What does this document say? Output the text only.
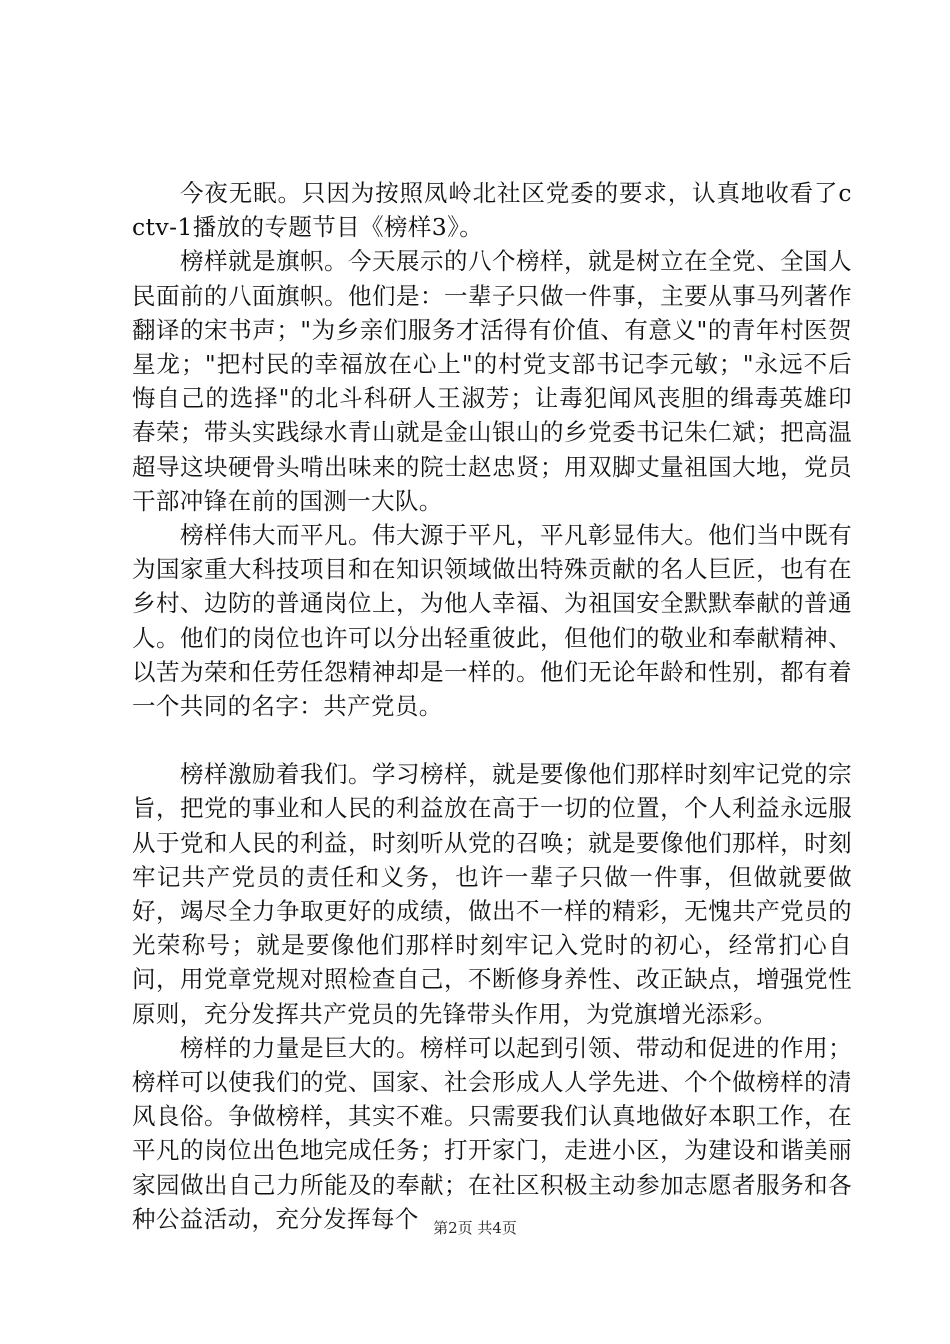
今夜无眠。只因为按照凤岭北社区党委的要求，认真地收看了cctv-1播放的专题节目《榜样3》。

榜样就是旗帜。今天展示的八个榜样，就是树立在全党、全国人民面前的八面旗帜。他们是：一辈子只做一件事，主要从事马列著作翻译的宋书声；"为乡亲们服务才活得有价值、有意义"的青年村医贺星龙；"把村民的幸福放在心上"的村党支部书记李元敏；"永远不后悔自己的选择"的北斗科研人王淑芳；让毒犯闻风丧胆的缉毒英雄印春荣；带头实践绿水青山就是金山银山的乡党委书记朱仁斌；把高温超导这块硬骨头啃出味来的院士赵忠贤；用双脚丈量祖国大地，党员干部冲锋在前的国测一大队。

榜样伟大而平凡。伟大源于平凡，平凡彰显伟大。他们当中既有为国家重大科技项目和在知识领域做出特殊贡献的名人巨匠，也有在乡村、边防的普通岗位上，为他人幸福、为祖国安全默默奉献的普通人。他们的岗位也许可以分出轻重彼此，但他们的敬业和奉献精神、以苦为荣和任劳任怨精神却是一样的。他们无论年龄和性别，都有着一个共同的名字：共产党员。

榜样激励着我们。学习榜样，就是要像他们那样时刻牢记党的宗旨，把党的事业和人民的利益放在高于一切的位置，个人利益永远服从于党和人民的利益，时刻听从党的召唤；就是要像他们那样，时刻牢记共产党员的责任和义务，也许一辈子只做一件事，但做就要做好，竭尽全力争取更好的成绩，做出不一样的精彩，无愧共产党员的光荣称号；就是要像他们那样时刻牢记入党时的初心，经常扪心自问，用党章党规对照检查自己，不断修身养性、改正缺点，增强党性原则，充分发挥共产党员的先锋带头作用，为党旗增光添彩。

榜样的力量是巨大的。榜样可以起到引领、带动和促进的作用；榜样可以使我们的党、国家、社会形成人人学先进、个个做榜样的清风良俗。争做榜样，其实不难。只需要我们认真地做好本职工作，在平凡的岗位出色地完成任务；打开家门，走进小区，为建设和谐美丽家园做出自己力所能及的奉献；在社区积极主动参加志愿者服务和各种公益活动，充分发挥每个 第2页 共4页
